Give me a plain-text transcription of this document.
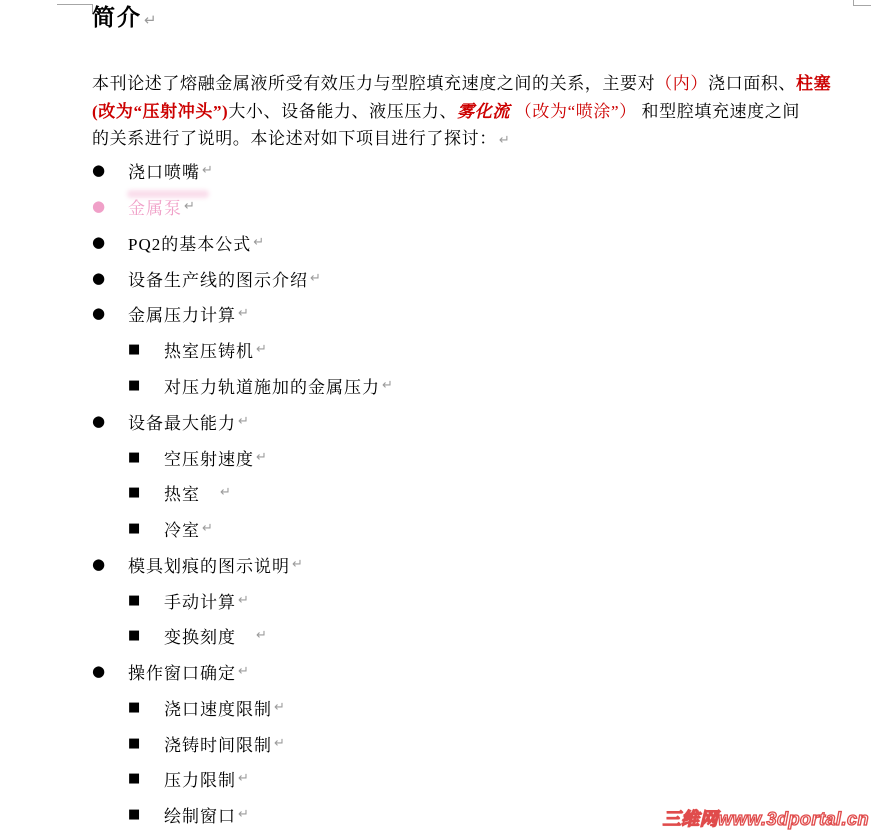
简介 ↵
本刊论述了熔融金属液所受有效压力与型腔填充速度之间的关系，主要对（内）浇口面积、柱塞
(改为“压射冲头”)大小、设备能力、液压压力、雾化流 （改为“喷涂”） 和型腔填充速度之间
的关系进行了说明。本论述对如下项目进行了探讨： ↵
●	浇口喷嘴 ↵
●	金属泵 ↵
●	PQ2的基本公式 ↵
●	设备生产线的图示介绍 ↵
●	金属压力计算 ↵
■	热室压铸机 ↵
■	对压力轨道施加的金属压力 ↵
●	设备最大能力 ↵
■	空压射速度 ↵
■	热室 ↵
■	冷室 ↵
●	模具划痕的图示说明 ↵
■	手动计算 ↵
■	变换刻度 ↵
●	操作窗口确定 ↵
■	浇口速度限制 ↵
■	浇铸时间限制 ↵
■	压力限制 ↵
■	绘制窗口 ↵	三维网www.3dportal.cn
